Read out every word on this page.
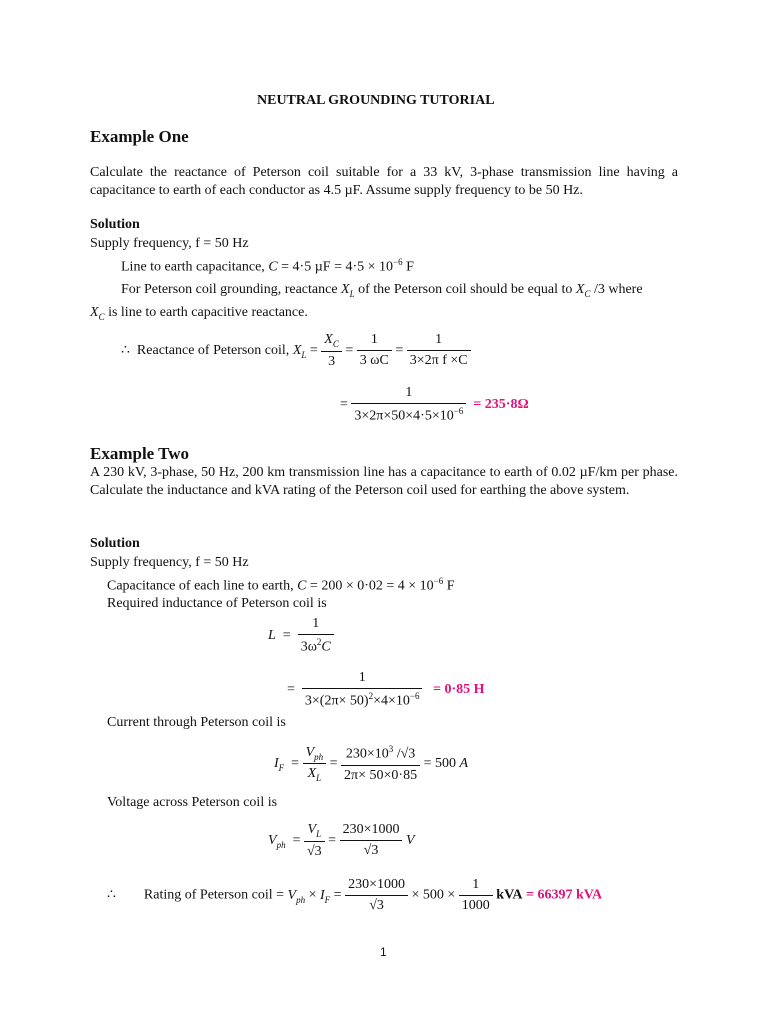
NEUTRAL GROUNDING TUTORIAL
Example One
Calculate the reactance of Peterson coil suitable for a 33 kV, 3-phase transmission line having a capacitance to earth of each conductor as 4.5 µF. Assume supply frequency to be 50 Hz.
Solution
Supply frequency, f = 50 Hz
Line to earth capacitance, C = 4·5 $\mu F = 4\cdot 5 \times 10^{-6}$ F
For Peterson coil grounding, reactance $X_L$ of the Peterson coil should be equal to $X_C$ /3 where
$X_C$ is line to earth capacitive reactance.
∴ Reactance of Peterson coil, $X_L = \frac{X_C}{3} = \frac{1}{3 \omega C} = \frac{1}{\text{3×2π f ×C}}$
= $\frac{1}{3\times 2\pi\times 50\times 4\cdot 5\times 10^{-6}} = 235\cdot 8\Omega$
Example Two
A 230 kV, 3-phase, 50 Hz, 200 km transmission line has a capacitance to earth of 0.02 µF/km per phase. Calculate the inductance and kVA rating of the Peterson coil used for earthing the above system.
Solution
Supply frequency, f = 50 Hz
Capacitance of each line to earth, $C = 200 \times 0\cdot 02 = 4 \times 10^{-6}$ F
Required inductance of Peterson coil is
$L = \frac{1}{3\omega^2C}$
= $\frac{1}{3\times(2\pi\times 50)^2\times 4\times 10^{-6}} = 0\cdot 85$ H
Current through Peterson coil is
$I_F = \frac{V_{ph}}{X_L} = \frac{230\times 10^3 /√3}{2\pi\times 50\times 0\cdot 85} = 500$ A
Voltage across Peterson coil is
$V_{ph} = \frac{V_L}{√3} = \frac{230\times 1000}{√3}$ V
∴        Rating of Peterson coil = $V_{ph} \times I_F = \frac{230\times 1000}{√3} \times 500 \times \frac{1}{1000}$ kVA = 66397 kVA
1
